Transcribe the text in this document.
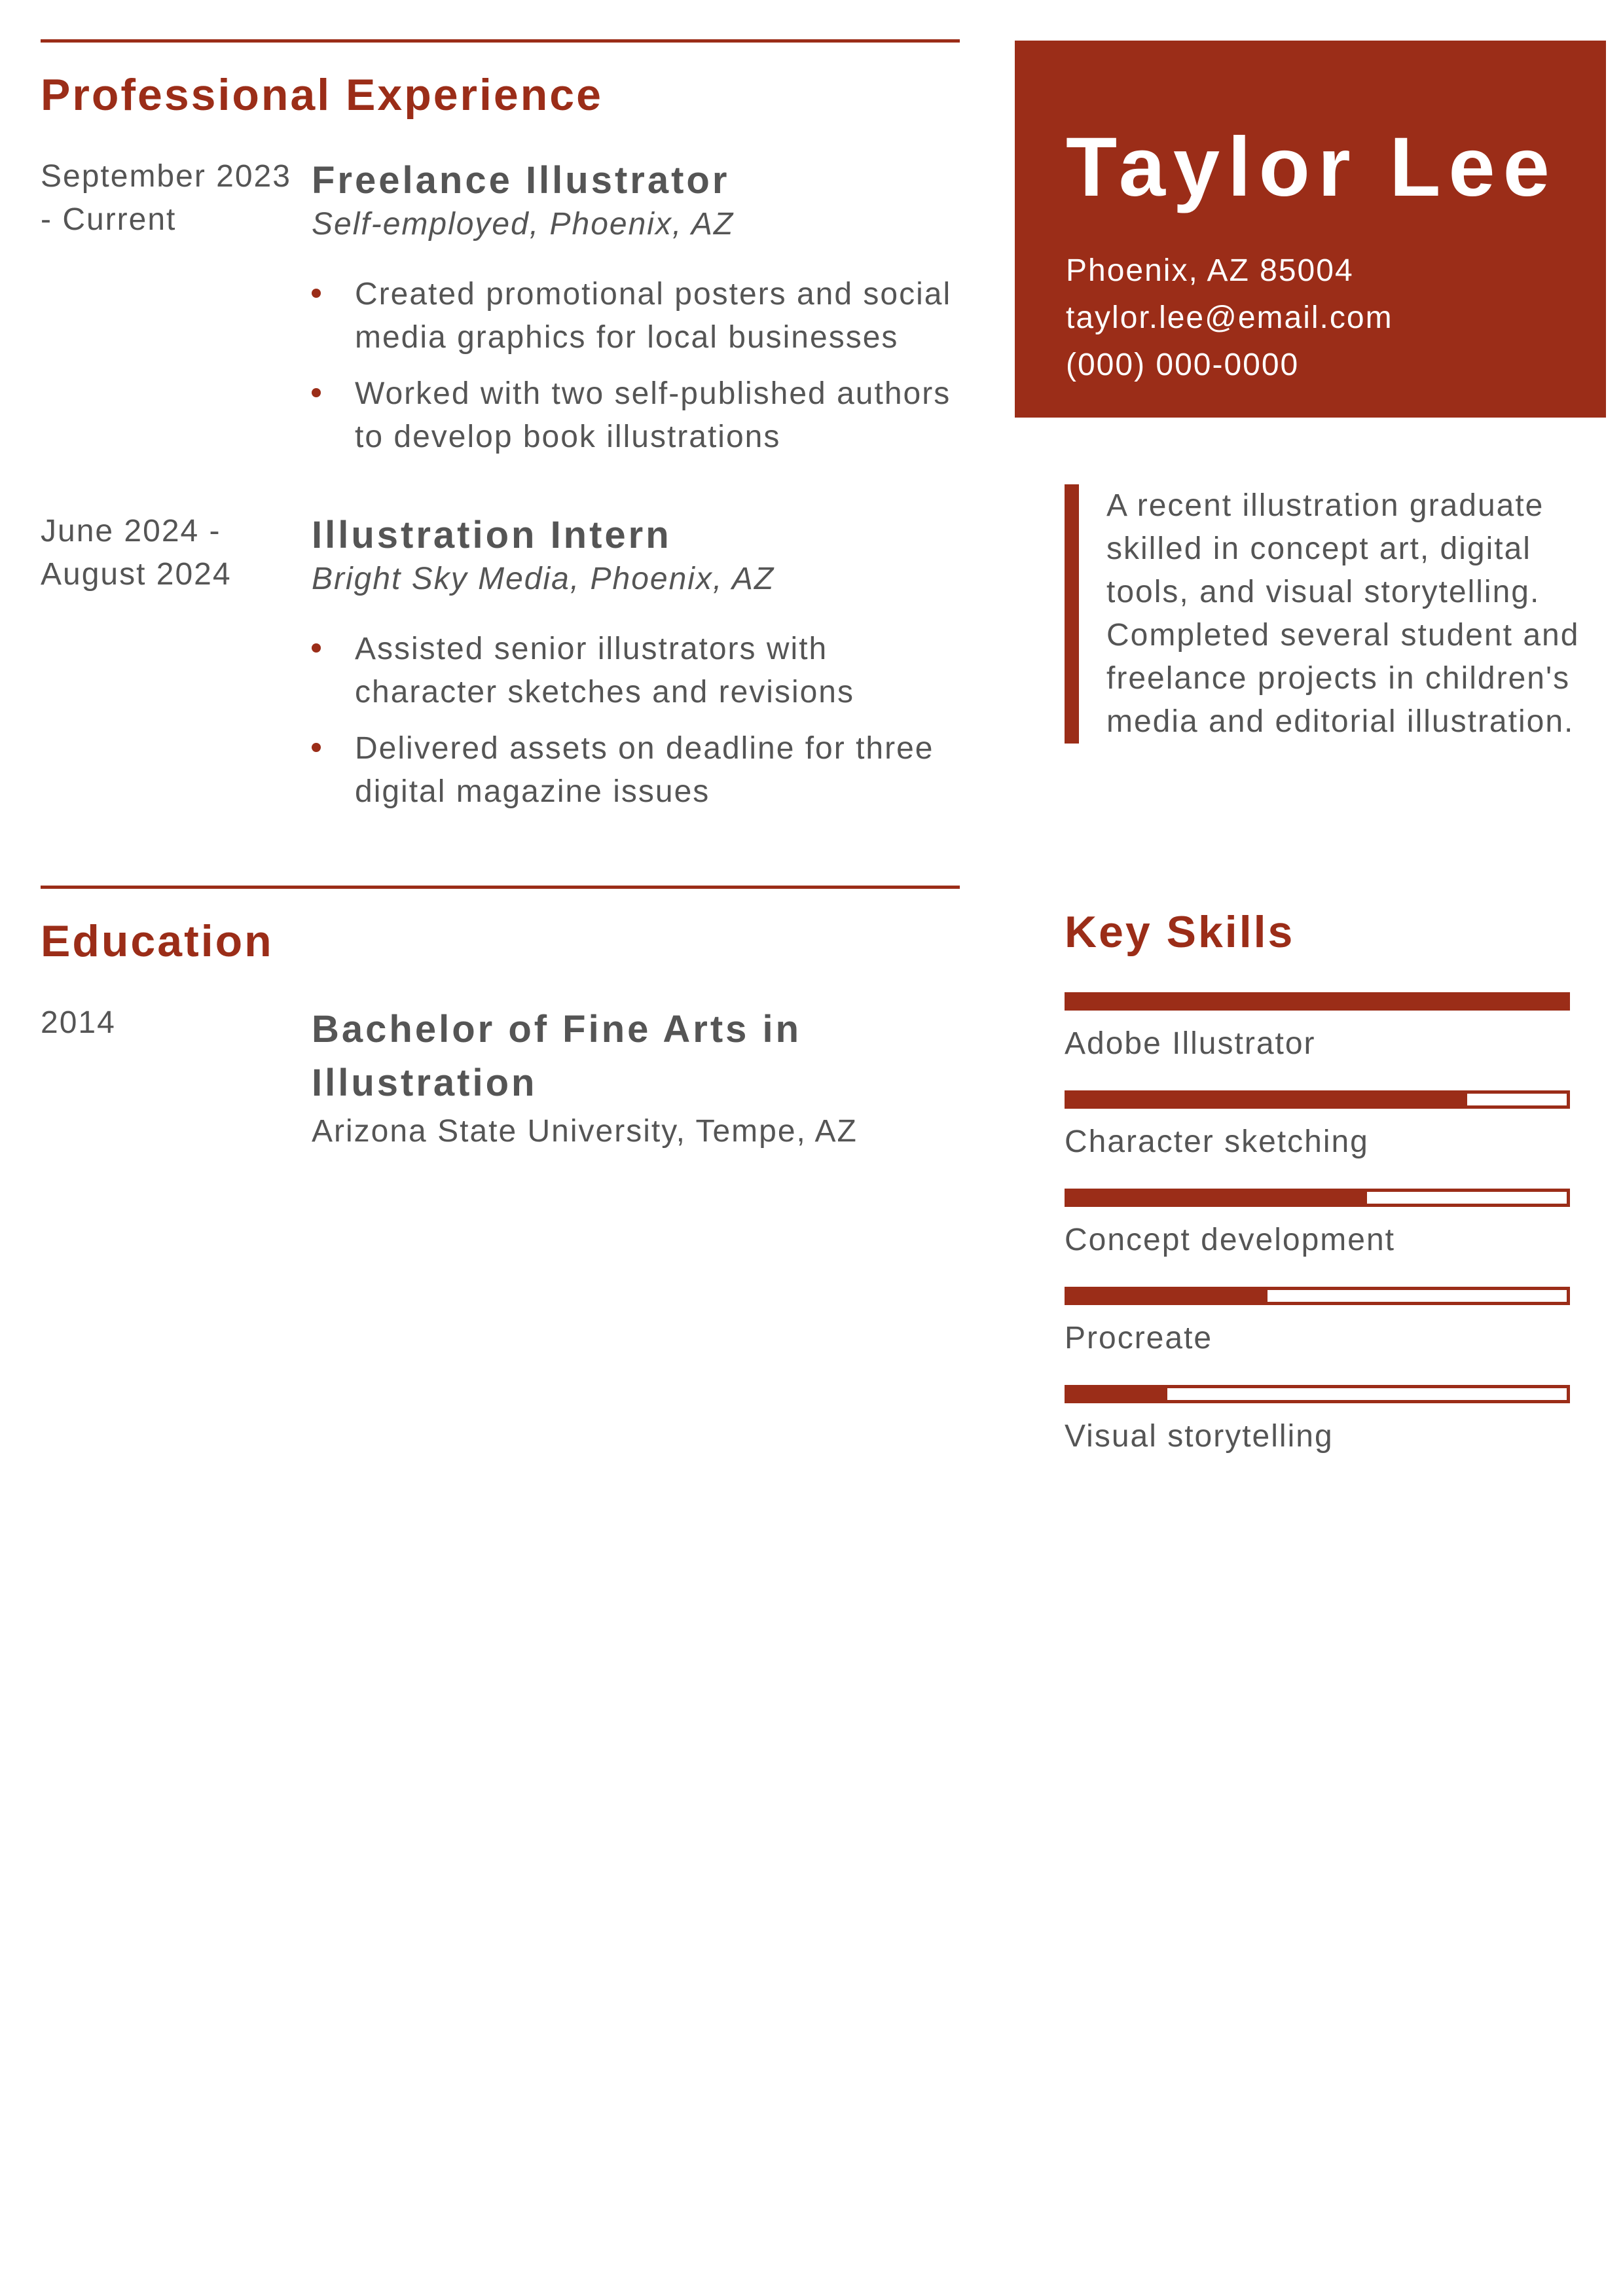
Professional Experience
September 2023 - Current
Freelance Illustrator
Self-employed, Phoenix, AZ
Created promotional posters and social media graphics for local businesses
Worked with two self-published authors to develop book illustrations
June 2024 - August 2024
Illustration Intern
Bright Sky Media, Phoenix, AZ
Assisted senior illustrators with character sketches and revisions
Delivered assets on deadline for three digital magazine issues
Education
2014	Bachelor of Fine Arts in Illustration
Arizona State University, Tempe, AZ
Taylor Lee
Phoenix, AZ 85004
taylor.lee@email.com
(000) 000-0000
A recent illustration graduate skilled in concept art, digital tools, and visual storytelling. Completed several student and freelance projects in children's media and editorial illustration.
Key Skills
Adobe Illustrator
Character sketching
Concept development
Procreate
Visual storytelling
